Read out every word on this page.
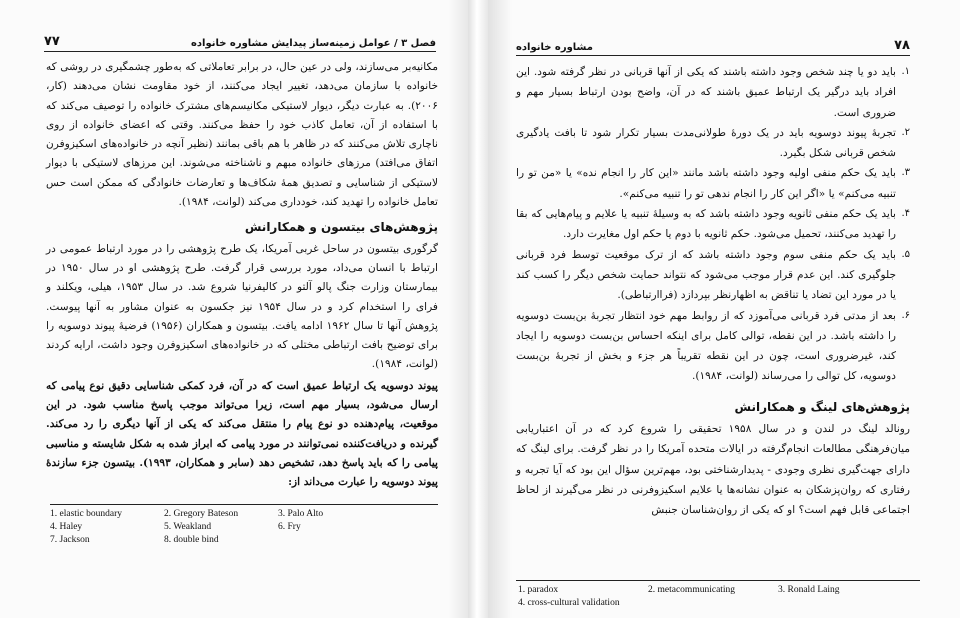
۷۷	فصل ۳ / عوامل زمینه‌ساز پیدایش مشاوره خانواده

مکانیه‌بر می‌سازند، ولی در عین حال، در برابر تعاملاتی که به‌طور چشمگیری در روشی که خانواده با سازمان می‌دهد، تغییر ایجاد می‌کنند، از خود مقاومت نشان می‌دهند (کار، ۲۰۰۶). به عبارت دیگر، دیوار لاستیکی مکانیسم‌های مشترک خانواده را توصیف می‌کند که با استفاده از آن، تعامل کاذب خود را حفظ می‌کنند. وقتی که اعضای خانواده از روی ناچاری تلاش می‌کنند که در ظاهر با هم باقی بمانند (نظیر آنچه در خانواده‌های اسکیزوفرن اتفاق می‌افتد) مرزهای خانواده مبهم و ناشناخته می‌شوند. این مرزهای لاستیکی با دیوار لاستیکی از شناسایی و تصدیق همهٔ شکاف‌ها و تعارضات خانوادگی که ممکن است حس تعامل خانواده را تهدید کند، خودداری می‌کند (لوانت، ۱۹۸۴).

پژوهش‌های بیتسون و همکارانش

گرگوری بیتسون در ساحل غربی آمریکا، یک طرح پژوهشی را در مورد ارتباط عمومی در ارتباط با انسان می‌داد، مورد بررسی قرار گرفت. طرح پژوهشی او در سال ۱۹۵۰ در بیمارستان وزارت جنگ پالو آلتو در کالیفرنیا شروع شد. در سال ۱۹۵۳، هیلی، ویکلند و فرای را استخدام کرد و در سال ۱۹۵۴ نیز جکسون به عنوان مشاور به آنها پیوست. پژوهش آنها تا سال ۱۹۶۲ ادامه یافت. بیتسون و همکاران (۱۹۵۶) فرضیهٔ پیوند دوسویه را برای توضیح بافت ارتباطی مختلی که در خانواده‌های اسکیزوفرن وجود داشت، ارایه کردند (لوانت، ۱۹۸۴).

پیوند دوسویه یک ارتباط عمیق است که در آن، فرد کمکی شناسایی دقیق نوع پیامی که ارسال می‌شود، بسیار مهم است، زیرا می‌تواند موجب پاسخ مناسب شود. در این موقعیت، پیام‌دهنده دو نوع پیام را منتقل می‌کند که یکی از آنها دیگری را رد می‌کند. گیرنده و دریافت‌کننده نمی‌توانند در مورد پیامی که ابراز شده به شکل شایسته و مناسبی پیامی را که باید پاسخ دهد، تشخیص دهد (سابر و همکاران، ۱۹۹۳). بیتسون جزء سازندهٔ پیوند دوسویه را عبارت می‌داند از:

1. elastic boundary	2. Gregory Bateson	3. Palo Alto
4. Haley	5. Weakland	6. Fry
7. Jackson	8. double bind	
مشاوره خانواده	۷۸
۱.
باید دو یا چند شخص وجود داشته باشند که یکی از آنها قربانی در نظر گرفته شود. این افراد باید درگیر یک ارتباط عمیق باشند که در آن، واضح بودن ارتباط بسیار مهم و ضروری است.
۲.
تجربهٔ پیوند دوسویه باید در یک دورهٔ طولانی‌مدت بسیار تکرار شود تا بافت یادگیری شخص قربانی شکل بگیرد.
۳.
باید یک حکم منفی اولیه وجود داشته باشد مانند «این کار را انجام نده» یا «من تو را تنبیه می‌کنم» یا «اگر این کار را انجام ندهی تو را تنبیه می‌کنم».
۴.
باید یک حکم منفی ثانویه وجود داشته باشد که به وسیلهٔ تنبیه یا علایم و پیام‌هایی که بقا را تهدید می‌کنند، تحمیل می‌شود. حکم ثانویه با دوم یا حکم اول مغایرت دارد.
۵.
باید یک حکم منفی سوم وجود داشته باشد که از ترک موقعیت توسط فرد قربانی جلوگیری کند. این عدم قرار موجب می‌شود که نتواند حمایت شخص دیگر را کسب کند یا در مورد این تضاد یا تناقض به اظهارنظر بپردازد (فراارتباطی).
۶.
بعد از مدتی فرد قربانی می‌آموزد که از روابط مهم خود انتظار تجربهٔ بن‌بست دوسویه را داشته باشد. در این نقطه، توالی کامل برای اینکه احساس بن‌بست دوسویه را ایجاد کند، غیرضروری است، چون در این نقطه تقریباً هر جزء و بخش از تجربهٔ بن‌بست دوسویه، کل توالی را می‌رساند (لوانت، ۱۹۸۴).
پژوهش‌های لینگ و همکارانش

رونالد لینگ در لندن و در سال ۱۹۵۸ تحقیقی را شروع کرد که در آن اعتباریابی میان‌فرهنگی مطالعات انجام‌گرفته در ایالات متحده آمریکا را در نظر گرفت. برای لینگ که دارای جهت‌گیری نظری وجودی - پدیدارشناختی بود، مهم‌ترین سؤال این بود که آیا تجربه و رفتاری که روان‌پزشکان به عنوان نشانه‌ها یا علایم اسکیزوفرنی در نظر می‌گیرند از لحاظ اجتماعی قابل فهم است؟ او که یکی از روان‌شناسان جنبش

1. paradox	2. metacommunicating	3. Ronald Laing
4. cross-cultural validation		
